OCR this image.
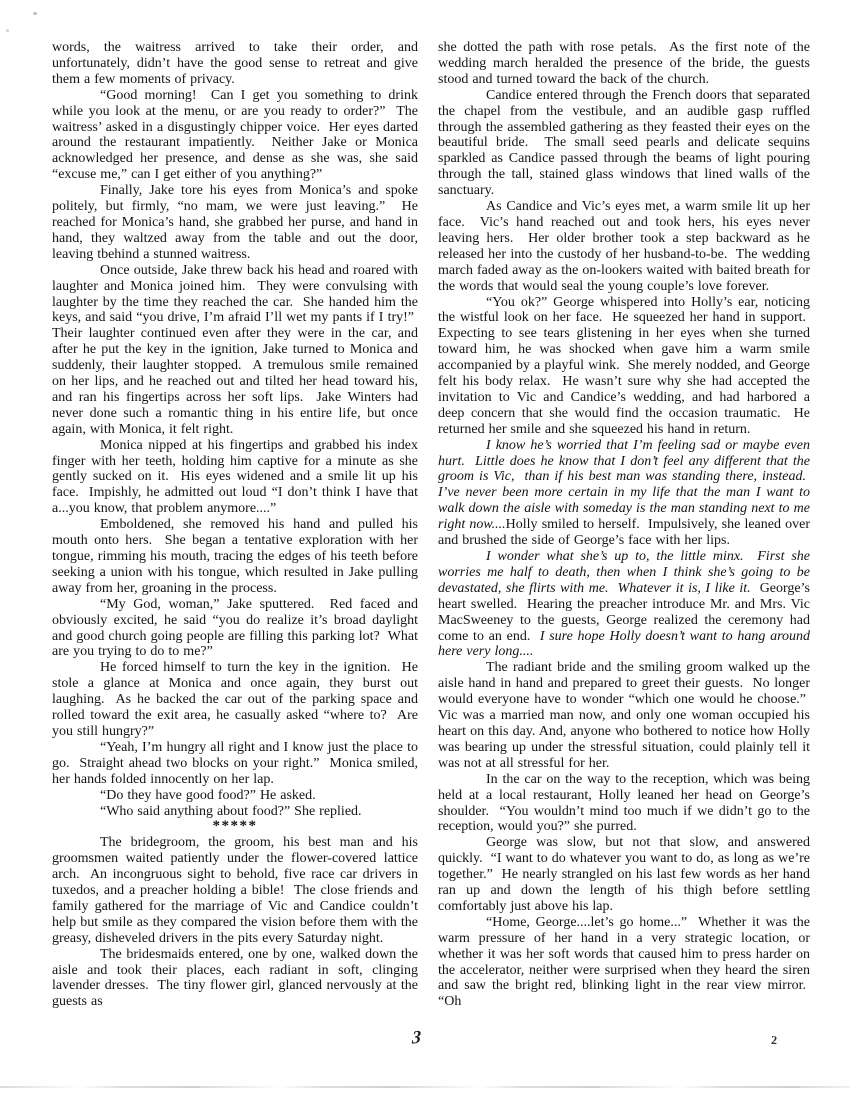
words, the waitress arrived to take their order, and unfortunately, didn’t have the good sense to retreat and give them a few moments of privacy.

“Good morning!  Can I get you something to drink while you look at the menu, or are you ready to order?”  The waitress’ asked in a disgustingly chipper voice.  Her eyes darted around the restaurant impatiently.  Neither Jake or Monica acknowledged her presence, and dense as she was, she said “excuse me,” can I get either of you anything?”

Finally, Jake tore his eyes from Monica’s and spoke politely, but firmly, “no mam, we were just leaving.”  He reached for Monica’s hand, she grabbed her purse, and hand in hand, they waltzed away from the table and out the door, leaving tbehind a stunned waitress.

Once outside, Jake threw back his head and roared with laughter and Monica joined him.  They were convulsing with laughter by the time they reached the car.  She handed him the keys, and said “you drive, I’m afraid I’ll wet my pants if I try!”  Their laughter continued even after they were in the car, and after he put the key in the ignition, Jake turned to Monica and suddenly, their laughter stopped.  A tremulous smile remained on her lips, and he reached out and tilted her head toward his, and ran his fingertips across her soft lips.  Jake Winters had never done such a romantic thing in his entire life, but once again, with Monica, it felt right.

Monica nipped at his fingertips and grabbed his index finger with her teeth, holding him captive for a minute as she gently sucked on it.  His eyes widened and a smile lit up his face.  Impishly, he admitted out loud “I don’t think I have that a...you know, that problem anymore....”

Emboldened, she removed his hand and pulled his mouth onto hers.  She began a tentative exploration with her tongue, rimming his mouth, tracing the edges of his teeth before seeking a union with his tongue, which resulted in Jake pulling away from her, groaning in the process.

“My God, woman,” Jake sputtered.  Red faced and obviously excited, he said “you do realize it’s broad daylight and good church going people are filling this parking lot?  What are you trying to do to me?”

He forced himself to turn the key in the ignition.  He stole a glance at Monica and once again, they burst out laughing.  As he backed the car out of the parking space and rolled toward the exit area, he casually asked “where to?  Are you still hungry?”

“Yeah, I’m hungry all right and I know just the place to go.  Straight ahead two blocks on your right.”  Monica smiled, her hands folded innocently on her lap.

“Do they have good food?” He asked.

“Who said anything about food?” She replied.

*****

The bridegroom, the groom, his best man and his groomsmen waited patiently under the flower-covered lattice arch.  An incongruous sight to behold, five race car drivers in tuxedos, and a preacher holding a bible!  The close friends and family gathered for the marriage of Vic and Candice couldn’t help but smile as they compared the vision before them with the greasy, disheveled drivers in the pits every Saturday night.

The bridesmaids entered, one by one, walked down the aisle and took their places, each radiant in soft, clinging lavender dresses.  The tiny flower girl, glanced nervously at the guests as

she dotted the path with rose petals.  As the first note of the wedding march heralded the presence of the bride, the guests stood and turned toward the back of the church.

Candice entered through the French doors that separated the chapel from the vestibule, and an audible gasp ruffled through the assembled gathering as they feasted their eyes on the beautiful bride.  The small seed pearls and delicate sequins sparkled as Candice passed through the beams of light pouring through the tall, stained glass windows that lined walls of the sanctuary.

As Candice and Vic’s eyes met, a warm smile lit up her face.  Vic’s hand reached out and took hers, his eyes never leaving hers.  Her older brother took a step backward as he released her into the custody of her husband-to-be.  The wedding march faded away as the on-lookers waited with baited breath for the words that would seal the young couple’s love forever.

“You ok?” George whispered into Holly’s ear, noticing the wistful look on her face.  He squeezed her hand in support.  Expecting to see tears glistening in her eyes when she turned toward him, he was shocked when gave him a warm smile accompanied by a playful wink.  She merely nodded, and George felt his body relax.  He wasn’t sure why she had accepted the invitation to Vic and Candice’s wedding, and had harbored a deep concern that she would find the occasion traumatic.  He returned her smile and she squeezed his hand in return.

I know he’s worried that I’m feeling sad or maybe even hurt.  Little does he know that I don’t feel any different that the groom is Vic,  than if his best man was standing there, instead.  I’ve never been more certain in my life that the man I want to walk down the aisle with someday is the man standing next to me right now....Holly smiled to herself.  Impulsively, she leaned over and brushed the side of George’s face with her lips.

I wonder what she’s up to, the little minx.  First she worries me half to death, then when I think she’s going to be devastated, she flirts with me.  Whatever it is, I like it.  George’s heart swelled.  Hearing the preacher introduce Mr. and Mrs. Vic MacSweeney to the guests, George realized the ceremony had come to an end.  I sure hope Holly doesn’t want to hang around here very long....

The radiant bride and the smiling groom walked up the aisle hand in hand and prepared to greet their guests.  No longer would everyone have to wonder “which one would he choose.”  Vic was a married man now, and only one woman occupied his heart on this day. And, anyone who bothered to notice how Holly was bearing up under the stressful situation, could plainly tell it was not at all stressful for her.

In the car on the way to the reception, which was being held at a local restaurant, Holly leaned her head on George’s shoulder.  “You wouldn’t mind too much if we didn’t go to the reception, would you?” she purred.

George was slow, but not that slow, and answered quickly.  “I want to do whatever you want to do, as long as we’re together.”  He nearly strangled on his last few words as her hand ran up and down the length of his thigh before settling comfortably just above his lap.

“Home, George....let’s go home...”  Whether it was the warm pressure of her hand in a very strategic location, or whether it was her soft words that caused him to press harder on the accelerator, neither were surprised when they heard the siren and saw the bright red, blinking light in the rear view mirror.  “Oh

3	2
